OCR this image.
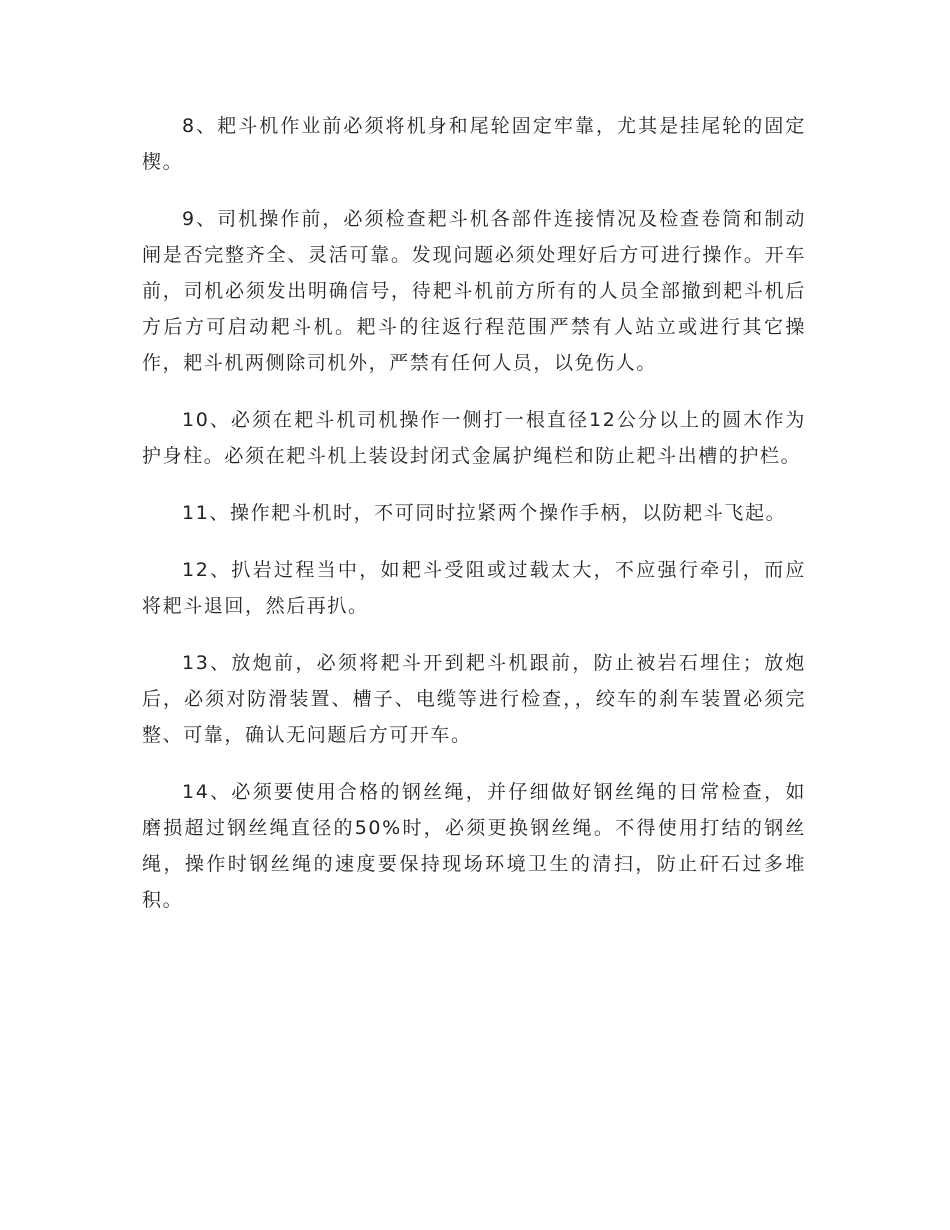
8、耙斗机作业前必须将机身和尾轮固定牢靠，尤其是挂尾轮的固定楔。

9、司机操作前，必须检查耙斗机各部件连接情况及检查卷筒和制动闸是否完整齐全、灵活可靠。发现问题必须处理好后方可进行操作。开车前，司机必须发出明确信号，待耙斗机前方所有的人员全部撤到耙斗机后方后方可启动耙斗机。耙斗的往返行程范围严禁有人站立或进行其它操作，耙斗机两侧除司机外，严禁有任何人员，以免伤人。

10、必须在耙斗机司机操作一侧打一根直径12公分以上的圆木作为护身柱。必须在耙斗机上装设封闭式金属护绳栏和防止耙斗出槽的护栏。

11、操作耙斗机时，不可同时拉紧两个操作手柄，以防耙斗飞起。

12、扒岩过程当中，如耙斗受阻或过载太大，不应强行牵引，而应将耙斗退回，然后再扒。

13、放炮前，必须将耙斗开到耙斗机跟前，防止被岩石埋住；放炮后，必须对防滑装置、槽子、电缆等进行检查，，绞车的刹车装置必须完整、可靠，确认无问题后方可开车。

14、必须要使用合格的钢丝绳，并仔细做好钢丝绳的日常检查，如磨损超过钢丝绳直径的50%时，必须更换钢丝绳。不得使用打结的钢丝绳，操作时钢丝绳的速度要保持现场环境卫生的清扫，防止矸石过多堆积。
